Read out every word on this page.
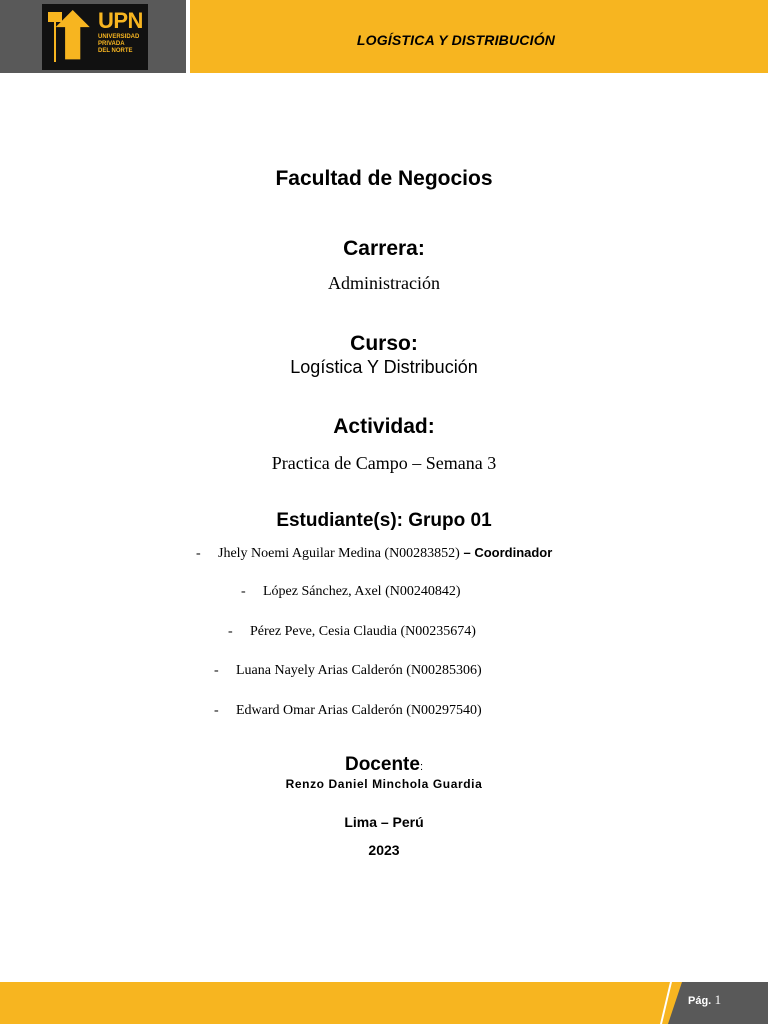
UPN
UNIVERSIDAD
PRIVADA
DEL NORTE
LOGÍSTICA Y DISTRIBUCIÓN
Facultad de Negocios
Carrera:
Administración
Curso:
Logística Y Distribución
Actividad:
Practica de Campo – Semana 3
Estudiante(s): Grupo 01
- Jhely Noemi Aguilar Medina (N00283852) – Coordinador
- López Sánchez, Axel (N00240842)
- Pérez Peve, Cesia Claudia (N00235674)
- Luana Nayely Arias Calderón (N00285306)
- Edward Omar Arias Calderón (N00297540)
Docente:
Renzo Daniel Minchola Guardia
Lima – Perú
2023
Pág. 1
